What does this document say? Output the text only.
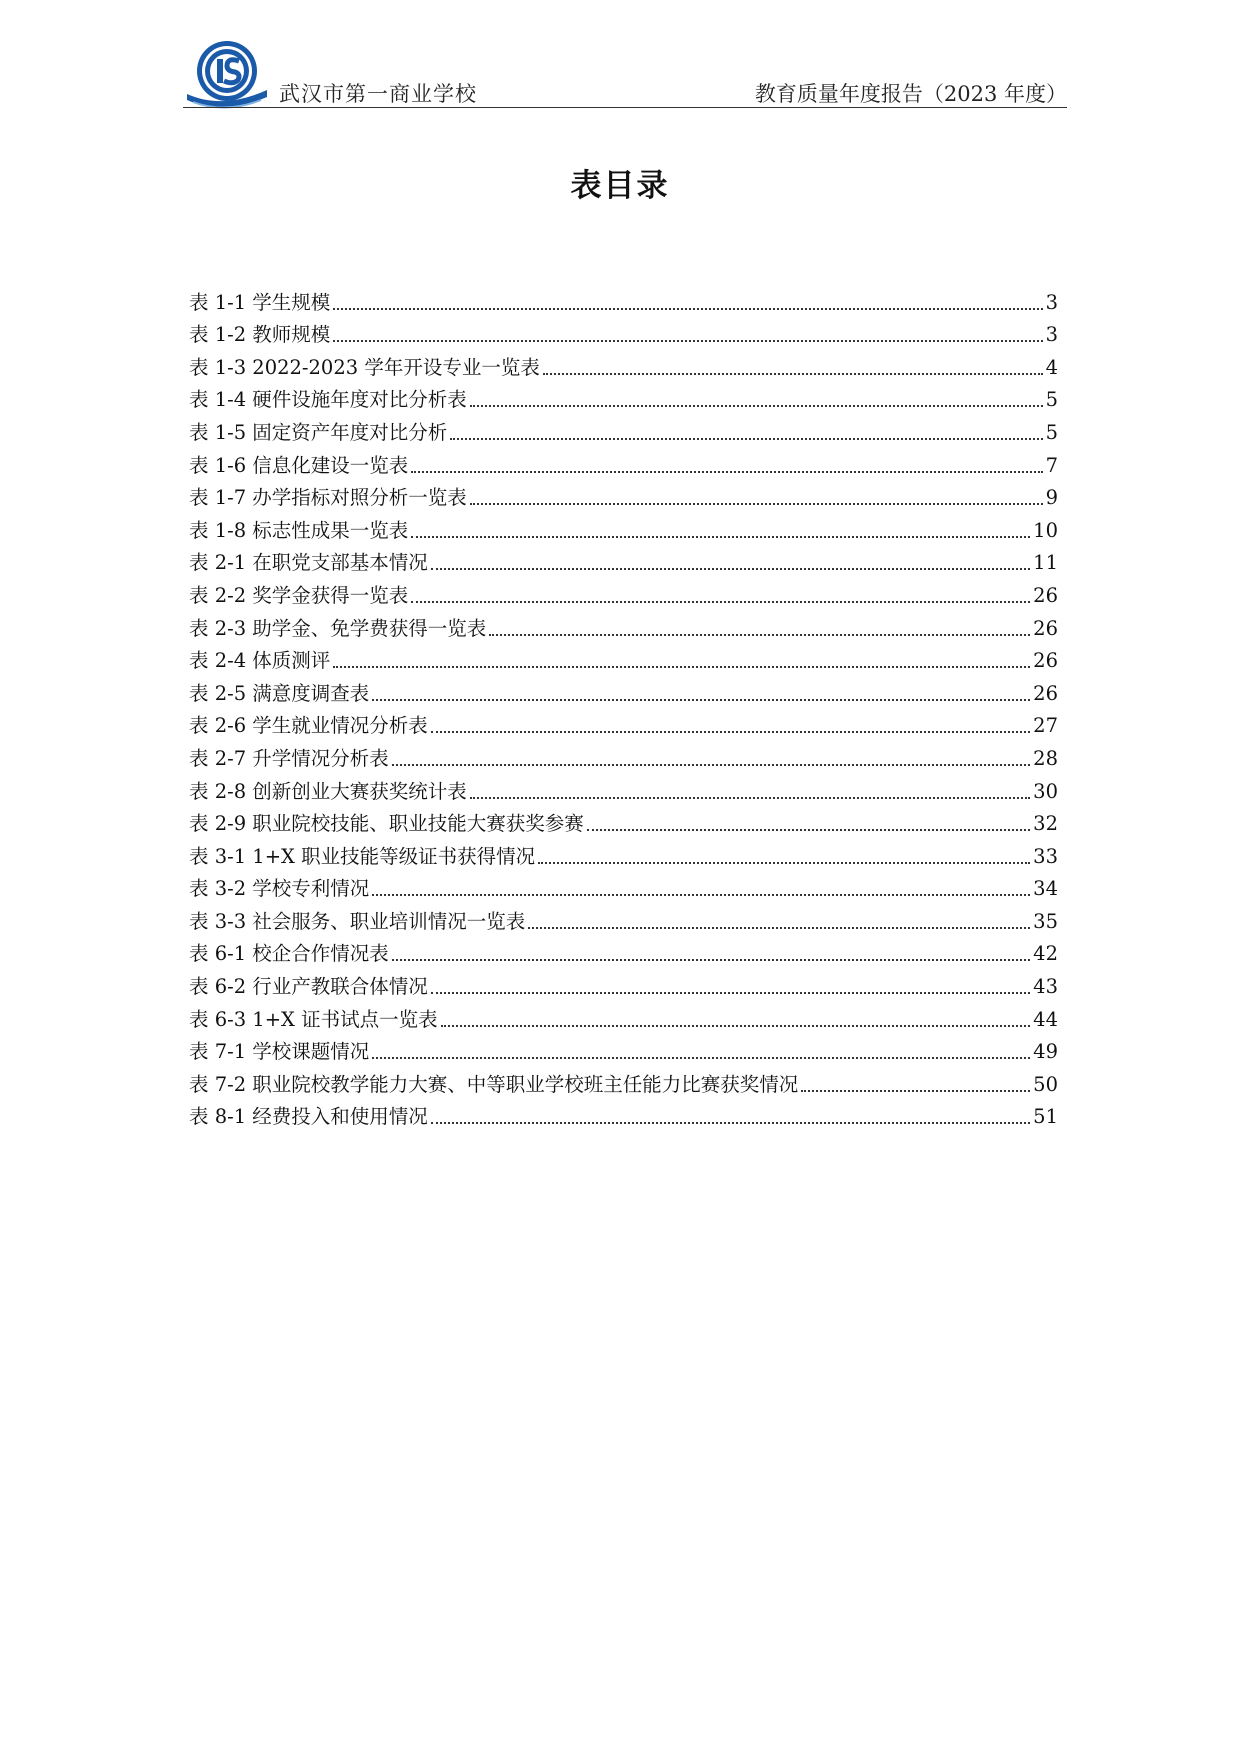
武汉市第一商业学校	教育质量年度报告（2023 年度）
表目录
表 1-1 学生规模	3
表 1-2 教师规模	3
表 1-3 2022-2023 学年开设专业一览表	4
表 1-4 硬件设施年度对比分析表	5
表 1-5 固定资产年度对比分析	5
表 1-6 信息化建设一览表	7
表 1-7 办学指标对照分析一览表	9
表 1-8 标志性成果一览表	10
表 2-1 在职党支部基本情况	11
表 2-2 奖学金获得一览表	26
表 2-3 助学金、免学费获得一览表	26
表 2-4 体质测评	26
表 2-5 满意度调查表	26
表 2-6 学生就业情况分析表	27
表 2-7 升学情况分析表	28
表 2-8 创新创业大赛获奖统计表	30
表 2-9 职业院校技能、职业技能大赛获奖参赛	32
表 3-1 1+X 职业技能等级证书获得情况	33
表 3-2 学校专利情况	34
表 3-3 社会服务、职业培训情况一览表	35
表 6-1 校企合作情况表	42
表 6-2 行业产教联合体情况	43
表 6-3 1+X 证书试点一览表	44
表 7-1 学校课题情况	49
表 7-2 职业院校教学能力大赛、中等职业学校班主任能力比赛获奖情况	50
表 8-1 经费投入和使用情况	51
